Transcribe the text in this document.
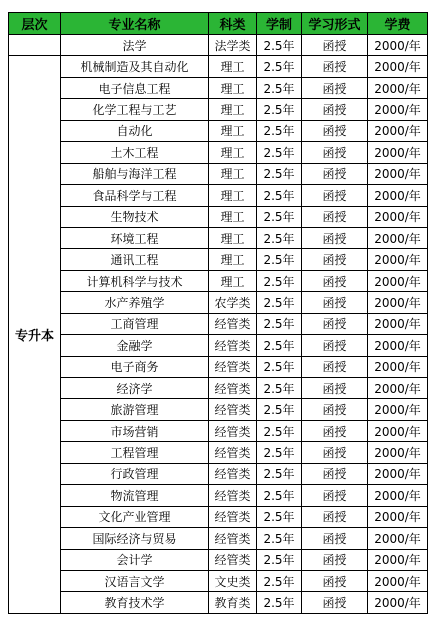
层次	专业名称	科类	学制	学习形式	学费
	法学	法学类	2.5年	函授	2000/年
专升本	机械制造及其自动化	理工	2.5年	函授	2000/年
	电子信息工程	理工	2.5年	函授	2000/年
	化学工程与工艺	理工	2.5年	函授	2000/年
	自动化	理工	2.5年	函授	2000/年
	土木工程	理工	2.5年	函授	2000/年
	船舶与海洋工程	理工	2.5年	函授	2000/年
	食品科学与工程	理工	2.5年	函授	2000/年
	生物技术	理工	2.5年	函授	2000/年
	环境工程	理工	2.5年	函授	2000/年
	通讯工程	理工	2.5年	函授	2000/年
	计算机科学与技术	理工	2.5年	函授	2000/年
	水产养殖学	农学类	2.5年	函授	2000/年
	工商管理	经管类	2.5年	函授	2000/年
	金融学	经管类	2.5年	函授	2000/年
	电子商务	经管类	2.5年	函授	2000/年
	经济学	经管类	2.5年	函授	2000/年
	旅游管理	经管类	2.5年	函授	2000/年
	市场营销	经管类	2.5年	函授	2000/年
	工程管理	经管类	2.5年	函授	2000/年
	行政管理	经管类	2.5年	函授	2000/年
	物流管理	经管类	2.5年	函授	2000/年
	文化产业管理	经管类	2.5年	函授	2000/年
	国际经济与贸易	经管类	2.5年	函授	2000/年
	会计学	经管类	2.5年	函授	2000/年
	汉语言文学	文史类	2.5年	函授	2000/年
	教育技术学	教育类	2.5年	函授	2000/年
